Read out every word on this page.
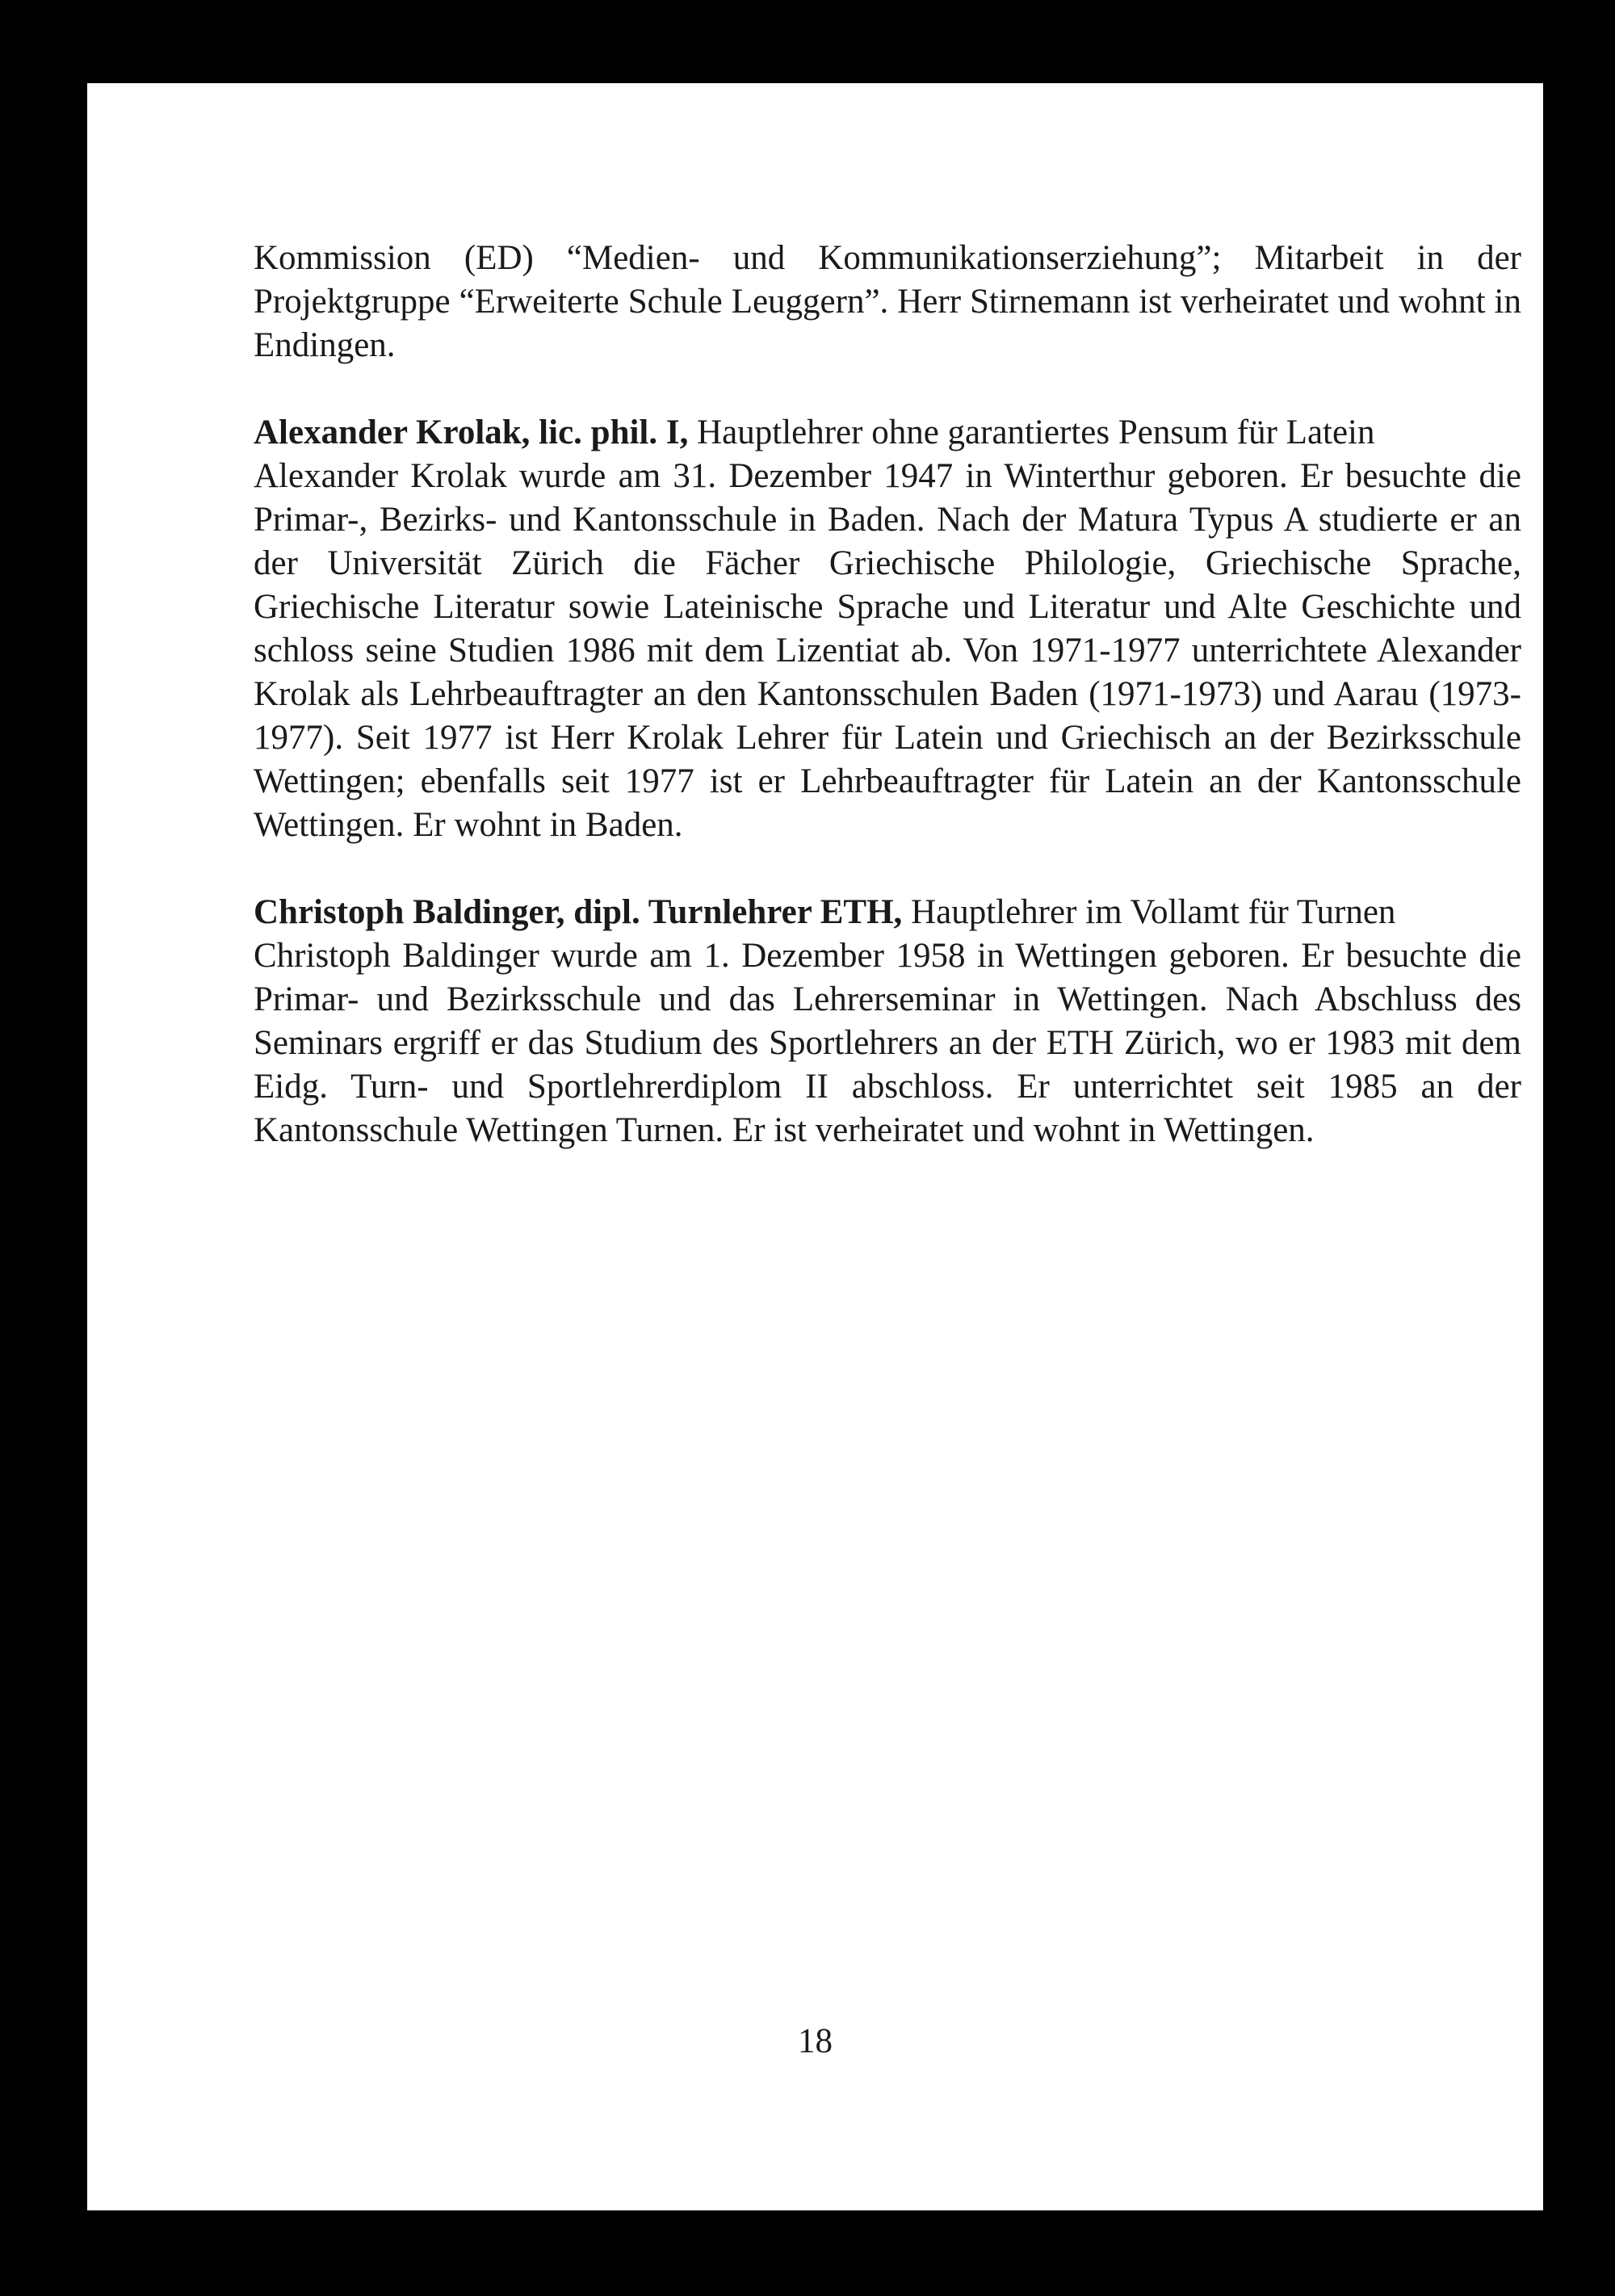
Kommission (ED) “Medien- und Kommunikationserziehung”; Mitarbeit in der Projektgruppe “Erweiterte Schule Leuggern”. Herr Stirnemann ist verheiratet und wohnt in Endingen.

Alexander Krolak, lic. phil. I, Hauptlehrer ohne garantiertes Pensum für Latein

Alexander Krolak wurde am 31. Dezember 1947 in Winterthur geboren. Er besuchte die Primar-, Bezirks- und Kantonsschule in Baden. Nach der Matura Typus A studierte er an der Universität Zürich die Fächer Griechische Philologie, Griechische Sprache, Griechische Literatur sowie Lateinische Sprache und Literatur und Alte Geschichte und schloss seine Studien 1986 mit dem Lizentiat ab. Von 1971-1977 unterrichtete Alexander Krolak als Lehrbeauftragter an den Kantonsschulen Baden (1971-1973) und Aarau (1973-1977). Seit 1977 ist Herr Krolak Lehrer für Latein und Griechisch an der Bezirksschule Wettingen; ebenfalls seit 1977 ist er Lehrbeauftragter für Latein an der Kantonsschule Wettingen. Er wohnt in Baden.

Christoph Baldinger, dipl. Turnlehrer ETH, Hauptlehrer im Vollamt für Turnen

Christoph Baldinger wurde am 1. Dezember 1958 in Wettingen geboren. Er besuchte die Primar- und Bezirksschule und das Lehrerseminar in Wettingen. Nach Abschluss des Seminars ergriff er das Studium des Sportlehrers an der ETH Zürich, wo er 1983 mit dem Eidg. Turn- und Sportlehrerdiplom II abschloss. Er unterrichtet seit 1985 an der Kantonsschule Wettingen Turnen. Er ist verheiratet und wohnt in Wettingen.

18
